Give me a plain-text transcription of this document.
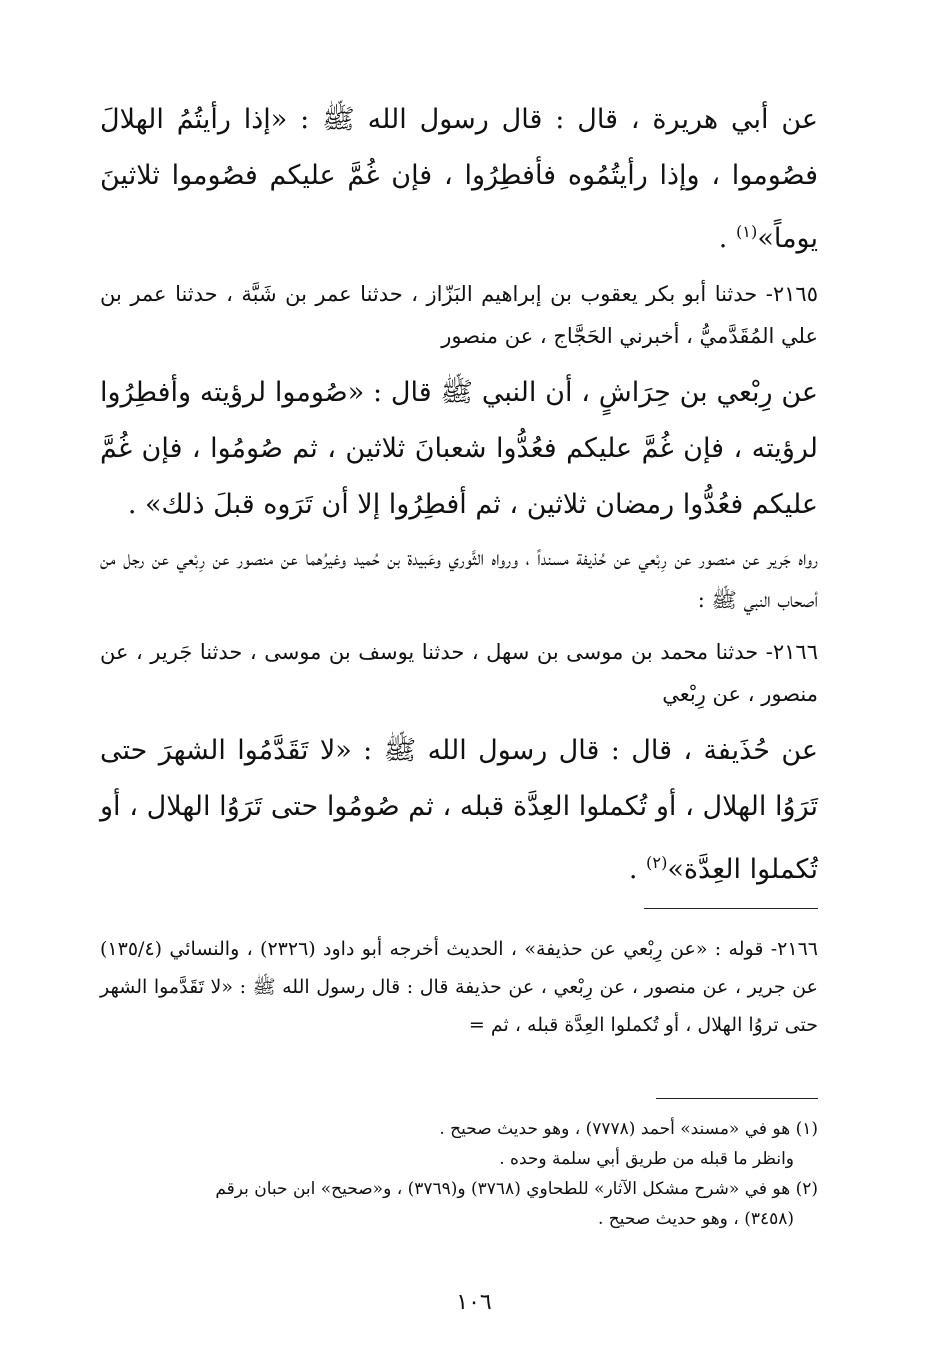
عن أبي هريرة ، قال : قال رسول الله ﷺ : «إذا رأيتُمُ الهلالَ فصُوموا ، وإذا رأيتُمُوه فأفطِرُوا ، فإن غُمَّ عليكم فصُوموا ثلاثينَ يوماً»$^{(١)}$ .

٢١٦٥- حدثنا أبو بكر يعقوب بن إبراهيم البَزّاز ، حدثنا عمر بن شَبَّة ، حدثنا عمر بن علي المُقَدَّميُّ ، أخبرني الحَجَّاج ، عن منصور

عن رِبْعي بن حِرَاشٍ ، أن النبي ﷺ قال : «صُوموا لرؤيته وأفطِرُوا لرؤيته ، فإن غُمَّ عليكم فعُدُّوا شعبانَ ثلاثين ، ثم صُومُوا ، فإن غُمَّ عليكم فعُدُّوا رمضان ثلاثين ، ثم أفطِرُوا إلا أن تَرَوه قبلَ ذلك» .

رواه جَرير عن منصور عن رِبْعي عن حُذيفة مسنداً ، ورواه الثَّوري وعَبيدة بن حُميد وغيرُهما عن منصور عن رِبْعي عن رجل من أصحاب النبي ﷺ :

٢١٦٦- حدثنا محمد بن موسى بن سهل ، حدثنا يوسف بن موسى ، حدثنا جَرير ، عن منصور ، عن رِبْعي

عن حُذَيفة ، قال : قال رسول الله ﷺ : «لا تَقَدَّمُوا الشهرَ حتى تَرَوُا الهلال ، أو تُكملوا العِدَّة قبله ، ثم صُومُوا حتى تَرَوُا الهلال ، أو تُكملوا العِدَّة»$^{(٢)}$ .

٢١٦٦- قوله : «عن رِبْعي عن حذيفة» ، الحديث أخرجه أبو داود (٢٣٢٦) ، والنسائي (١٣٥/٤) عن جرير ، عن منصور ، عن رِبْعي ، عن حذيفة قال : قال رسول الله ﷺ : «لا تَقَدَّموا الشهر حتى تروُا الهلال ، أو تُكملوا العِدَّة قبله ، ثم =

(١) هو في «مسند» أحمد (٧٧٧٨) ، وهو حديث صحيح .

وانظر ما قبله من طريق أبي سلمة وحده .

(٢) هو في «شرح مشكل الآثار» للطحاوي (٣٧٦٨) و(٣٧٦٩) ، و«صحيح» ابن حبان برقم

(٣٤٥٨) ، وهو حديث صحيح .

١٠٦
